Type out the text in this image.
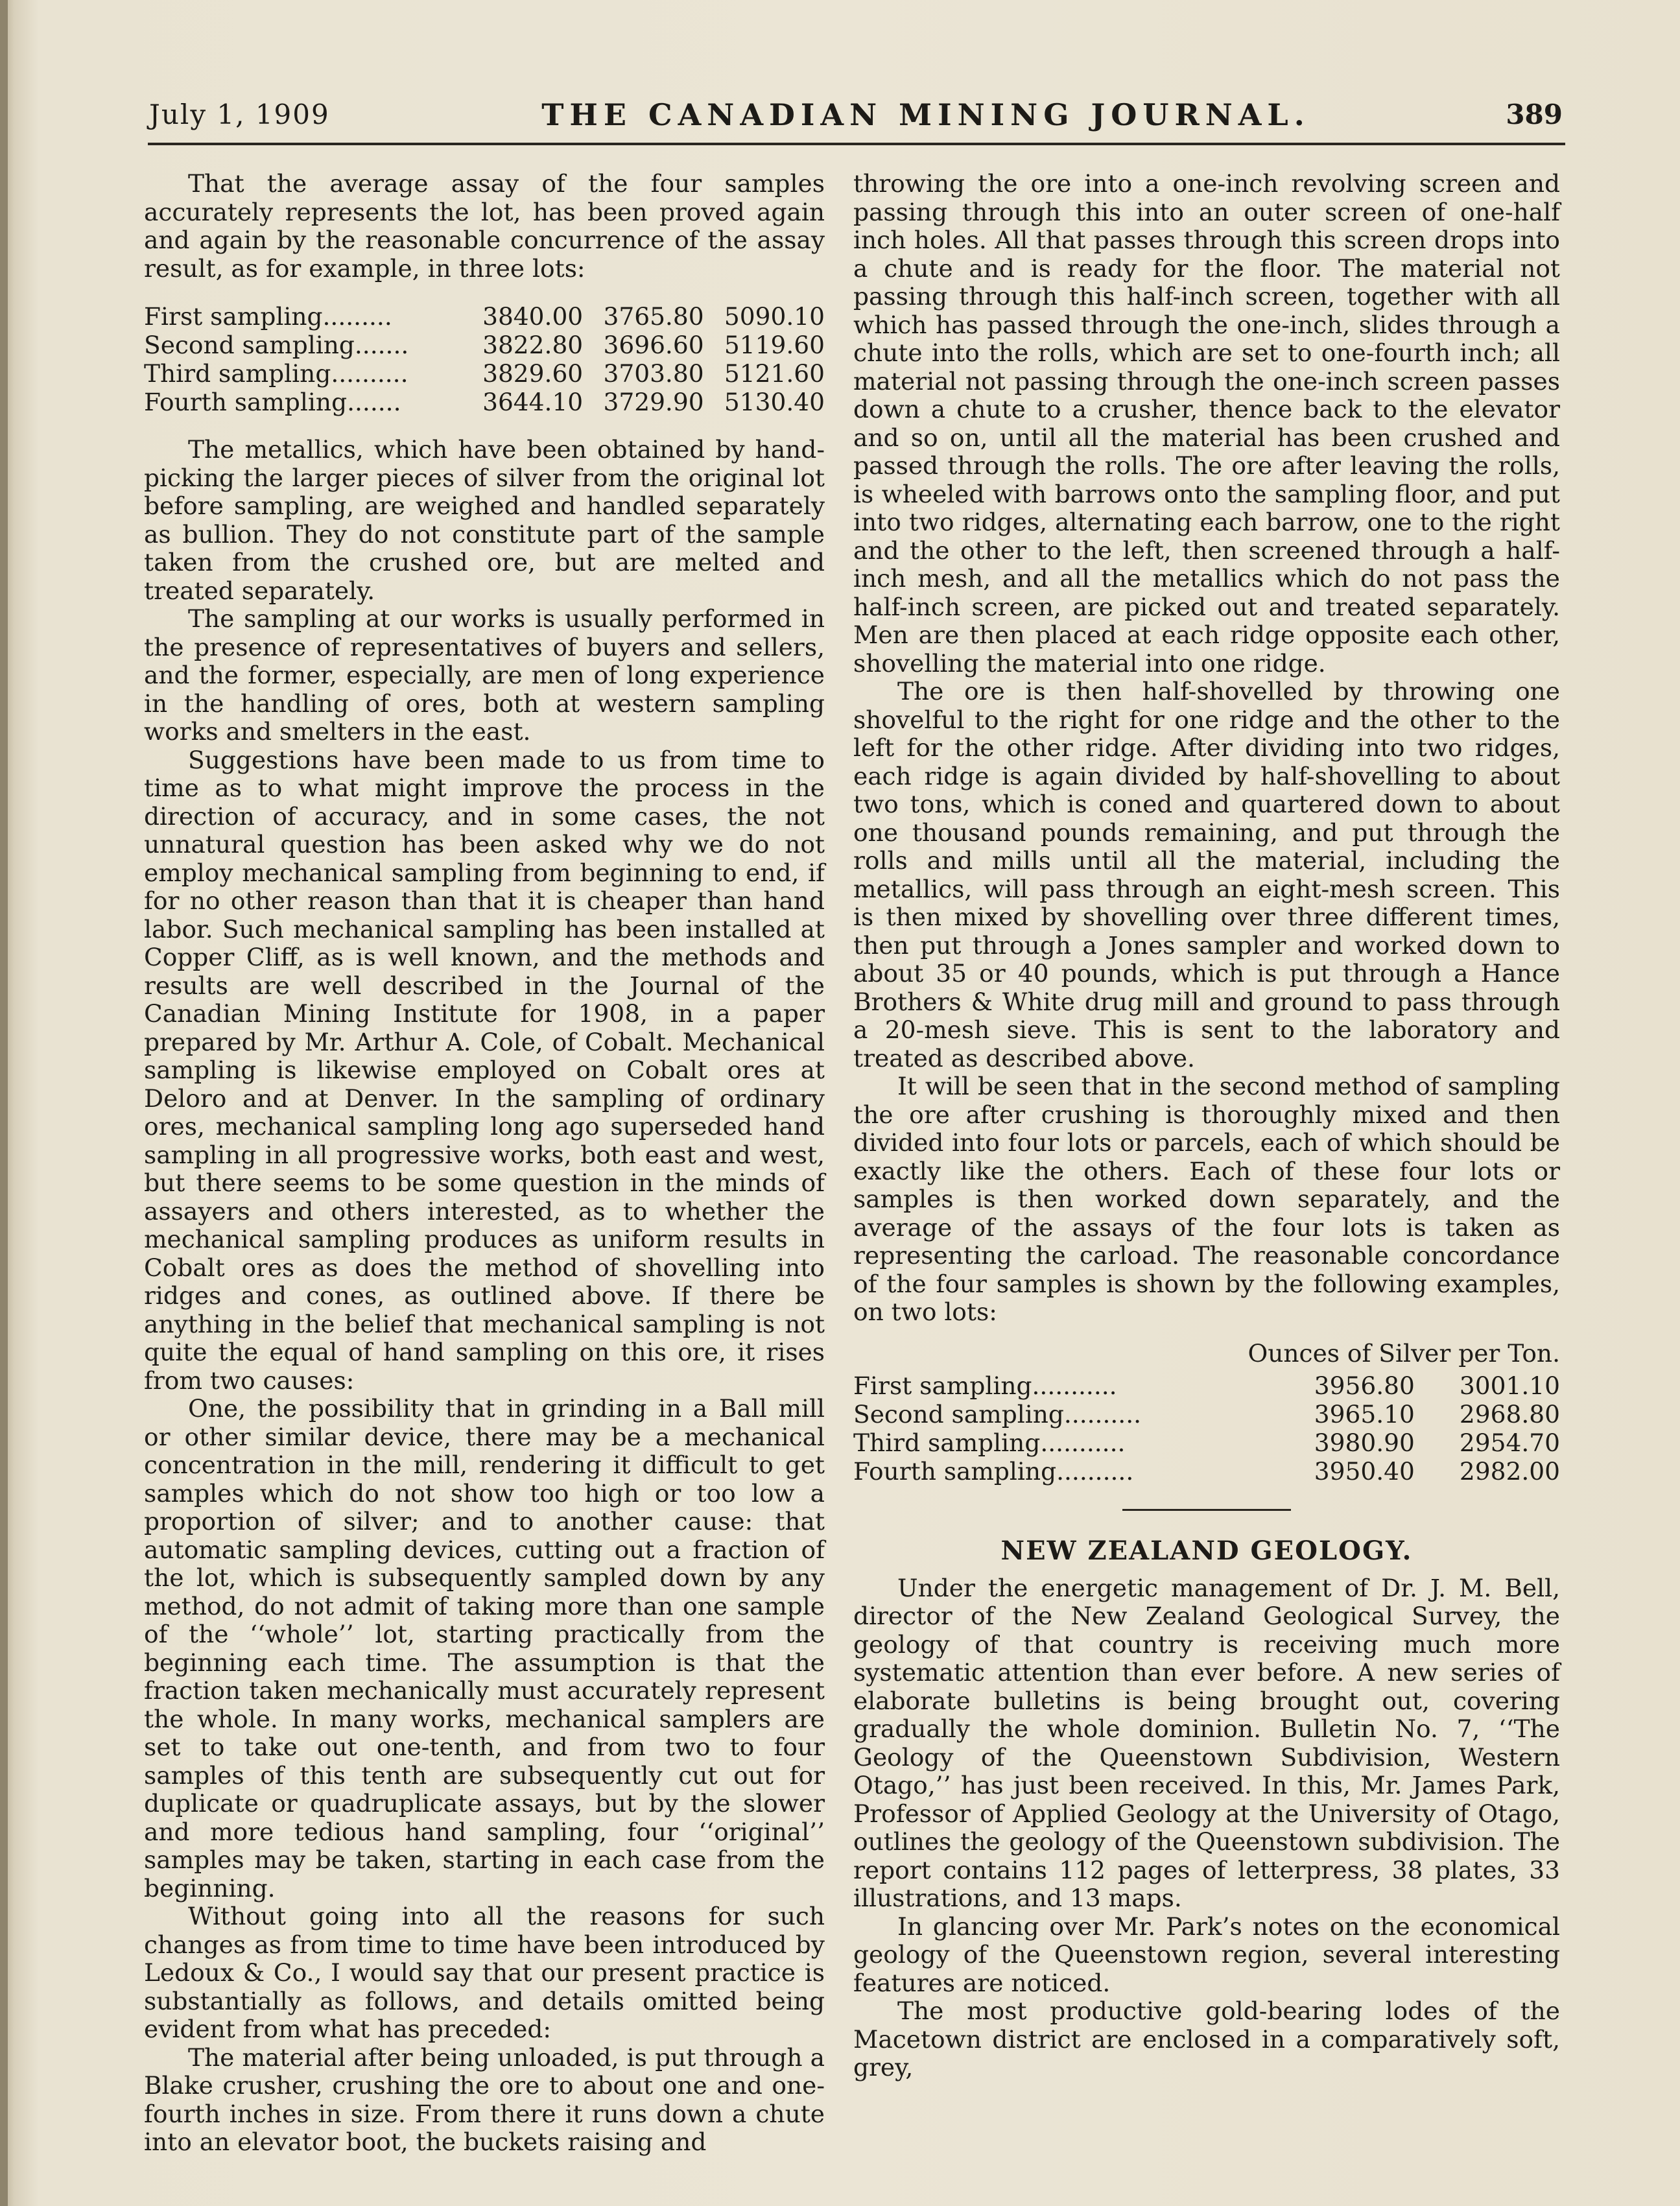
July 1, 1909	THE CANADIAN MINING JOURNAL.	389

That the average assay of the four samples accurately represents the lot, has been proved again and again by the reasonable concurrence of the assay result, as for example, in three lots:

First sampling.........	3840.00	3765.80	5090.10
Second sampling.......	3822.80	3696.60	5119.60
Third sampling..........	3829.60	3703.80	5121.60
Fourth sampling.......	3644.10	3729.90	5130.40

The metallics, which have been obtained by hand-picking the larger pieces of silver from the original lot before sampling, are weighed and handled separately as bullion. They do not constitute part of the sample taken from the crushed ore, but are melted and treated separately.

The sampling at our works is usually performed in the presence of representatives of buyers and sellers, and the former, especially, are men of long experience in the handling of ores, both at western sampling works and smelters in the east.

Suggestions have been made to us from time to time as to what might improve the process in the direction of accuracy, and in some cases, the not unnatural question has been asked why we do not employ mechanical sampling from beginning to end, if for no other reason than that it is cheaper than hand labor. Such mechanical sampling has been installed at Copper Cliff, as is well known, and the methods and results are well described in the Journal of the Canadian Mining Institute for 1908, in a paper prepared by Mr. Arthur A. Cole, of Cobalt. Mechanical sampling is likewise employed on Cobalt ores at Deloro and at Denver. In the sampling of ordinary ores, mechanical sampling long ago superseded hand sampling in all progressive works, both east and west, but there seems to be some question in the minds of assayers and others interested, as to whether the mechanical sampling produces as uniform results in Cobalt ores as does the method of shovelling into ridges and cones, as outlined above. If there be anything in the belief that mechanical sampling is not quite the equal of hand sampling on this ore, it rises from two causes:

One, the possibility that in grinding in a Ball mill or other similar device, there may be a mechanical concentration in the mill, rendering it difficult to get samples which do not show too high or too low a proportion of silver; and to another cause: that automatic sampling devices, cutting out a fraction of the lot, which is subsequently sampled down by any method, do not admit of taking more than one sample of the ‘‘whole’’ lot, starting practically from the beginning each time. The assumption is that the fraction taken mechanically must accurately represent the whole. In many works, mechanical samplers are set to take out one-tenth, and from two to four samples of this tenth are subsequently cut out for duplicate or quadruplicate assays, but by the slower and more tedious hand sampling, four ‘‘original’’ samples may be taken, starting in each case from the beginning.

Without going into all the reasons for such changes as from time to time have been introduced by Ledoux & Co., I would say that our present practice is substantially as follows, and details omitted being evident from what has preceded:

The material after being unloaded, is put through a Blake crusher, crushing the ore to about one and one-fourth inches in size. From there it runs down a chute into an elevator boot, the buckets raising and

throwing the ore into a one-inch revolving screen and passing through this into an outer screen of one-half inch holes. All that passes through this screen drops into a chute and is ready for the floor. The material not passing through this half-inch screen, together with all which has passed through the one-inch, slides through a chute into the rolls, which are set to one-fourth inch; all material not passing through the one-inch screen passes down a chute to a crusher, thence back to the elevator and so on, until all the material has been crushed and passed through the rolls. The ore after leaving the rolls, is wheeled with barrows onto the sampling floor, and put into two ridges, alternating each barrow, one to the right and the other to the left, then screened through a half-inch mesh, and all the metallics which do not pass the half-inch screen, are picked out and treated separately. Men are then placed at each ridge opposite each other, shovelling the material into one ridge.

The ore is then half-shovelled by throwing one shovelful to the right for one ridge and the other to the left for the other ridge. After dividing into two ridges, each ridge is again divided by half-shovelling to about two tons, which is coned and quartered down to about one thousand pounds remaining, and put through the rolls and mills until all the material, including the metallics, will pass through an eight-mesh screen. This is then mixed by shovelling over three different times, then put through a Jones sampler and worked down to about 35 or 40 pounds, which is put through a Hance Brothers & White drug mill and ground to pass through a 20-mesh sieve. This is sent to the laboratory and treated as described above.

It will be seen that in the second method of sampling the ore after crushing is thoroughly mixed and then divided into four lots or parcels, each of which should be exactly like the others. Each of these four lots or samples is then worked down separately, and the average of the assays of the four lots is taken as representing the carload. The reasonable concordance of the four samples is shown by the following examples, on two lots:

Ounces of Silver per Ton.
First sampling...........	3956.80	3001.10
Second sampling..........	3965.10	2968.80
Third sampling...........	3980.90	2954.70
Fourth sampling..........	3950.40	2982.00
NEW ZEALAND GEOLOGY.

Under the energetic management of Dr. J. M. Bell, director of the New Zealand Geological Survey, the geology of that country is receiving much more systematic attention than ever before. A new series of elaborate bulletins is being brought out, covering gradually the whole dominion. Bulletin No. 7, ‘‘The Geology of the Queenstown Subdivision, Western Otago,’’ has just been received. In this, Mr. James Park, Professor of Applied Geology at the University of Otago, outlines the geology of the Queenstown subdivision. The report contains 112 pages of letterpress, 38 plates, 33 illustrations, and 13 maps.

In glancing over Mr. Park’s notes on the economical geology of the Queenstown region, several interesting features are noticed.

The most productive gold-bearing lodes of the Macetown district are enclosed in a comparatively soft, grey,
